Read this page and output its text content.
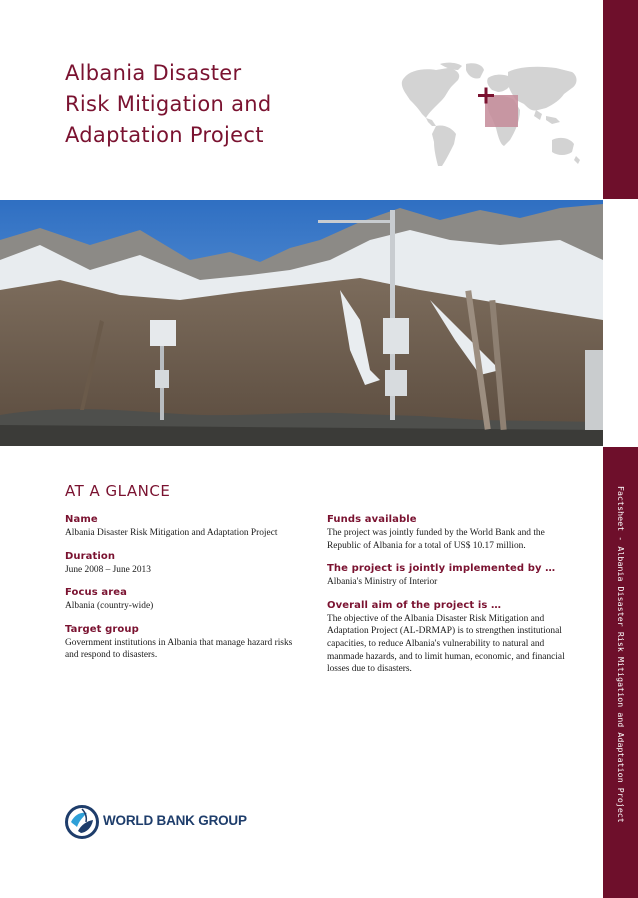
Factsheet - Albania Disaster Risk Mitigation and Adaptation Project
Albania Disaster
Risk Mitigation and
Adaptation Project
AT A GLANCE
Name
Albania Disaster Risk Mitigation and Adaptation Project
Duration
June 2008 – June 2013
Focus area
Albania (country-wide)
Target group
Government institutions in Albania that manage hazard risks and respond to disasters.
Funds available
The project was jointly funded by the World Bank and the Republic of Albania for a total of US$ 10.17 million.
The project is jointly implemented by …
Albania's Ministry of Interior
Overall aim of the project is …
The objective of the Albania Disaster Risk Mitigation and Adaptation Project (AL-DRMAP) is to strengthen institutional capacities, to reduce Albania's vulnerability to natural and manmade hazards, and to limit human, economic, and financial losses due to disasters.
WORLD BANK GROUP
